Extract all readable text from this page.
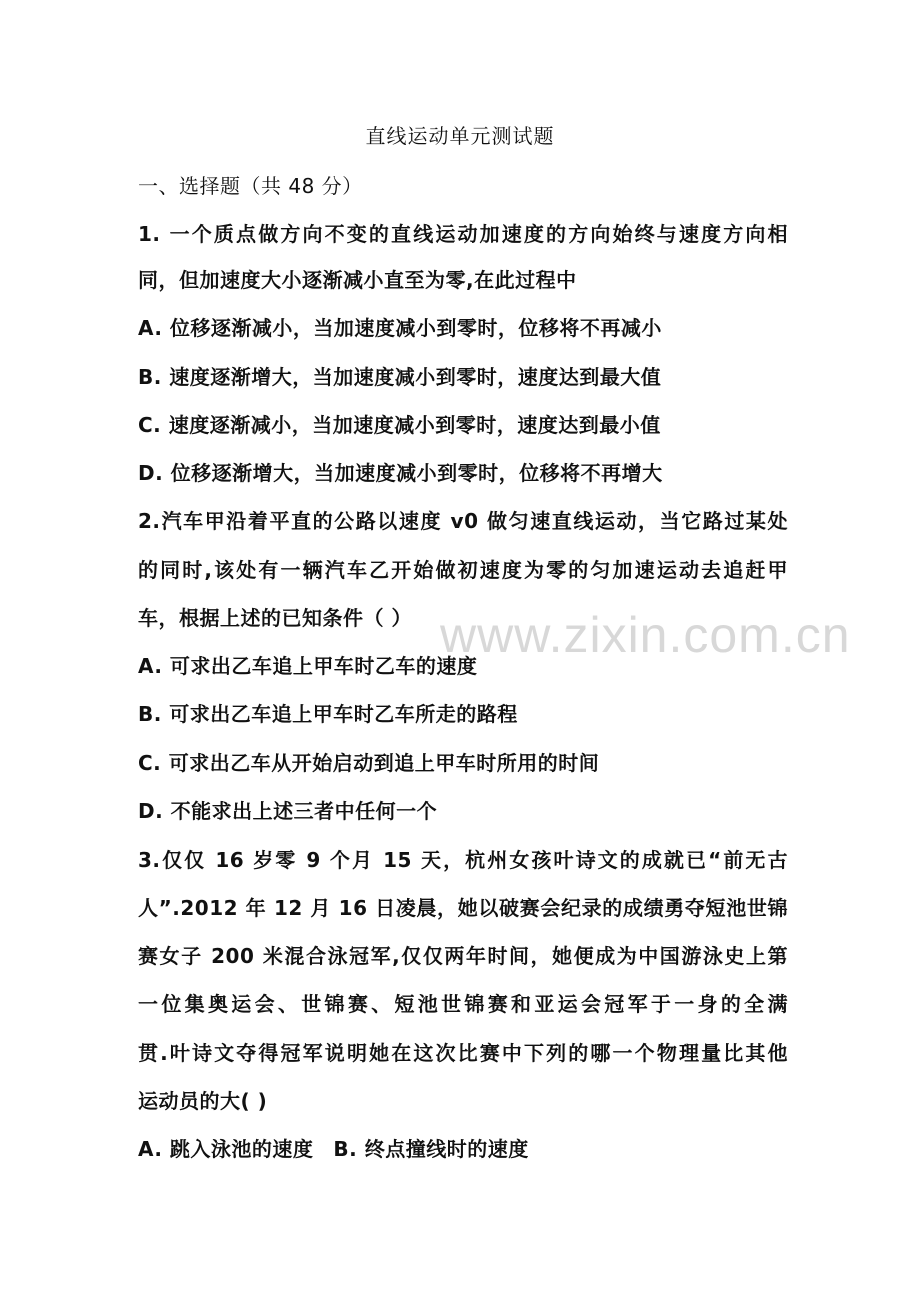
www.zixin.com.cn
直线运动单元测试题
一、选择题（共 48 分）
1. 一个质点做方向不变的直线运动加速度的方向始终与速度方向相
同，但加速度大小逐渐减小直至为零,在此过程中
A. 位移逐渐减小，当加速度减小到零时，位移将不再减小
B. 速度逐渐增大，当加速度减小到零时，速度达到最大值
C. 速度逐渐减小，当加速度减小到零时，速度达到最小值
D. 位移逐渐增大，当加速度减小到零时，位移将不再增大
2.汽车甲沿着平直的公路以速度 v0 做匀速直线运动，当它路过某处
的同时,该处有一辆汽车乙开始做初速度为零的匀加速运动去追赶甲
车，根据上述的已知条件（ ）
A. 可求出乙车追上甲车时乙车的速度
B. 可求出乙车追上甲车时乙车所走的路程
C. 可求出乙车从开始启动到追上甲车时所用的时间
D. 不能求出上述三者中任何一个
3.仅仅 16 岁零 9 个月 15 天，杭州女孩叶诗文的成就已“前无古
人”.2012 年 12 月 16 日凌晨，她以破赛会纪录的成绩勇夺短池世锦
赛女子 200 米混合泳冠军,仅仅两年时间，她便成为中国游泳史上第
一位集奥运会、世锦赛、短池世锦赛和亚运会冠军于一身的全满
贯.叶诗文夺得冠军说明她在这次比赛中下列的哪一个物理量比其他
运动员的大( )
A. 跳入泳池的速度 B. 终点撞线时的速度
